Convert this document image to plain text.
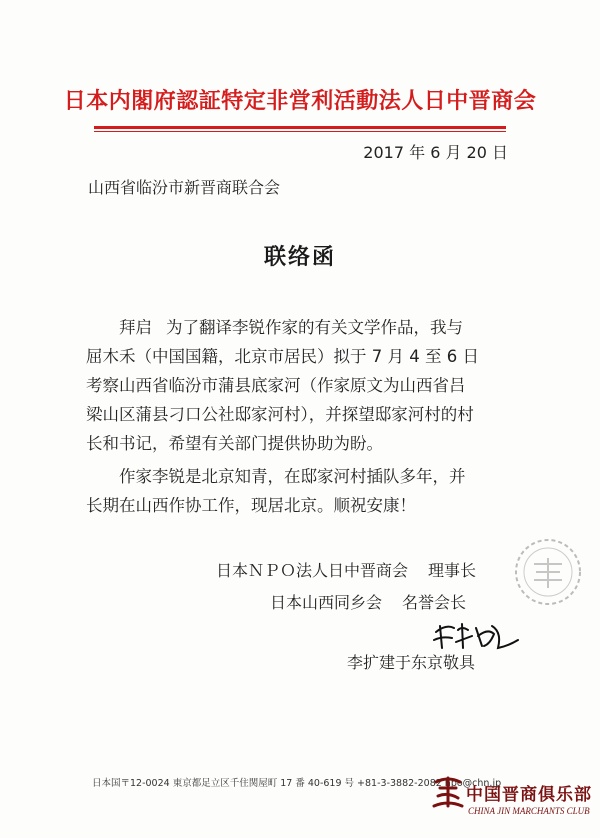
日本内閣府認証特定非営利活動法人日中晋商会
2017 年 6 月 20 日
山西省临汾市新晋商联合会
联络函
拜启 为了翻译李锐作家的有关文学作品，我与
屈木禾（中国国籍，北京市居民）拟于 7 月 4 至 6 日
考察山西省临汾市蒲县底家河（作家原文为山西省吕
梁山区蒲县刁口公社邸家河村），并探望邸家河村的村
长和书记，希望有关部门提供协助为盼。
作家李锐是北京知青，在邸家河村插队多年，并
长期在山西作协工作，现居北京。顺祝安康！
日本ＮＰＯ法人日中晋商会 理事长
日本山西同乡会 名誉会长
李扩建于东京敬具
日本国〒12-0024 東京都足立区千住関屋町 17 番 40-619 号 +81-3-3882-2082 npo@chn.jp
中国晋商俱乐部
CHINA JIN MARCHANTS CLUB
